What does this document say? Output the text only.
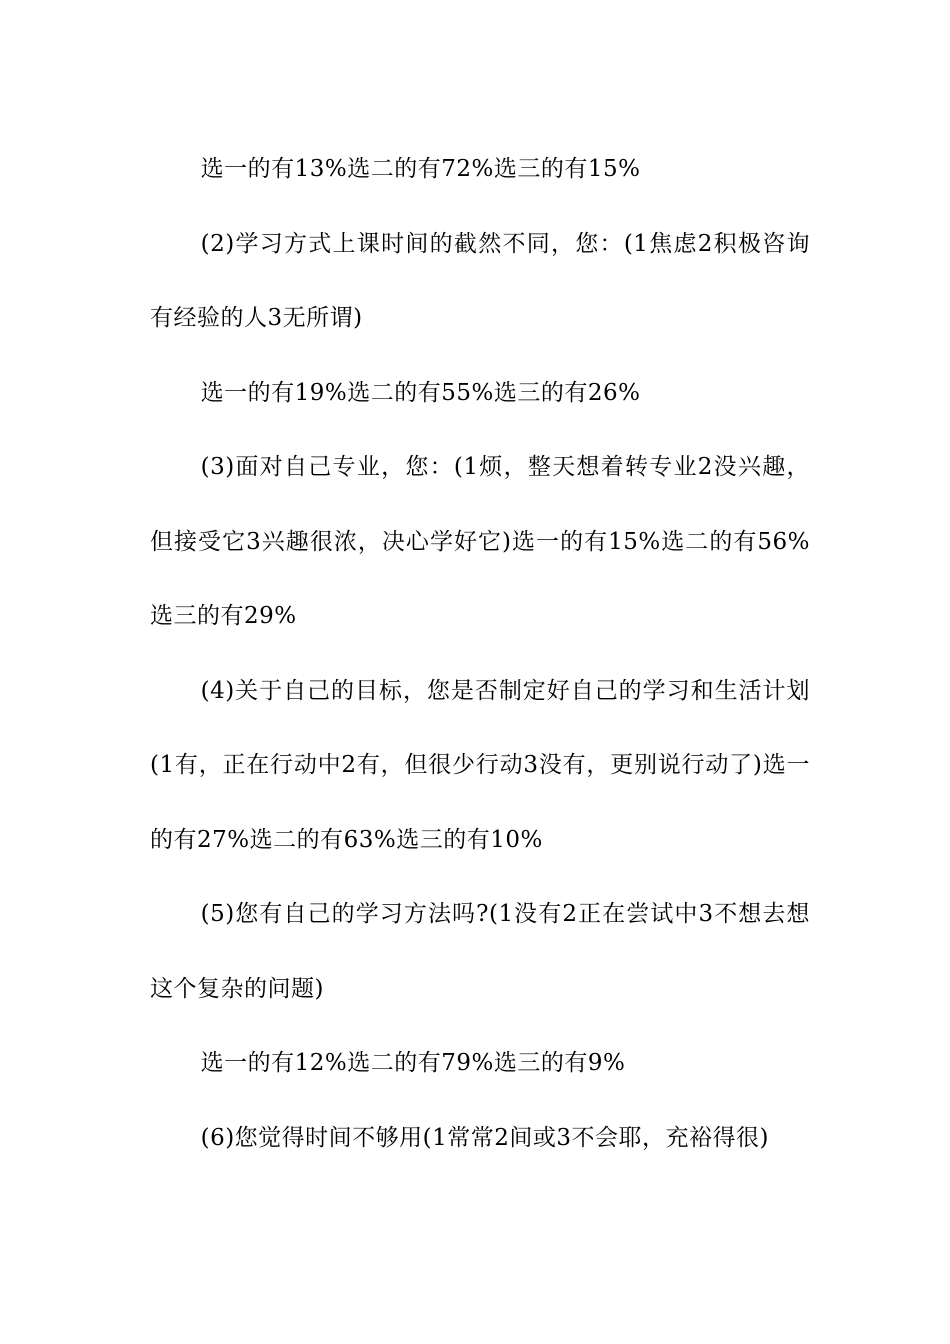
选一的有13%选二的有72%选三的有15%

(2)学习方式上课时间的截然不同，您：(1焦虑2积极咨询有经验的人3无所谓)

选一的有19%选二的有55%选三的有26%

(3)面对自己专业，您：(1烦，整天想着转专业2没兴趣，但接受它3兴趣很浓，决心学好它)选一的有15%选二的有56%选三的有29%

(4)关于自己的目标，您是否制定好自己的学习和生活计划(1有，正在行动中2有，但很少行动3没有，更别说行动了)选一的有27%选二的有63%选三的有10%

(5)您有自己的学习方法吗?(1没有2正在尝试中3不想去想这个复杂的问题)

选一的有12%选二的有79%选三的有9%

(6)您觉得时间不够用(1常常2间或3不会耶，充裕得很)
